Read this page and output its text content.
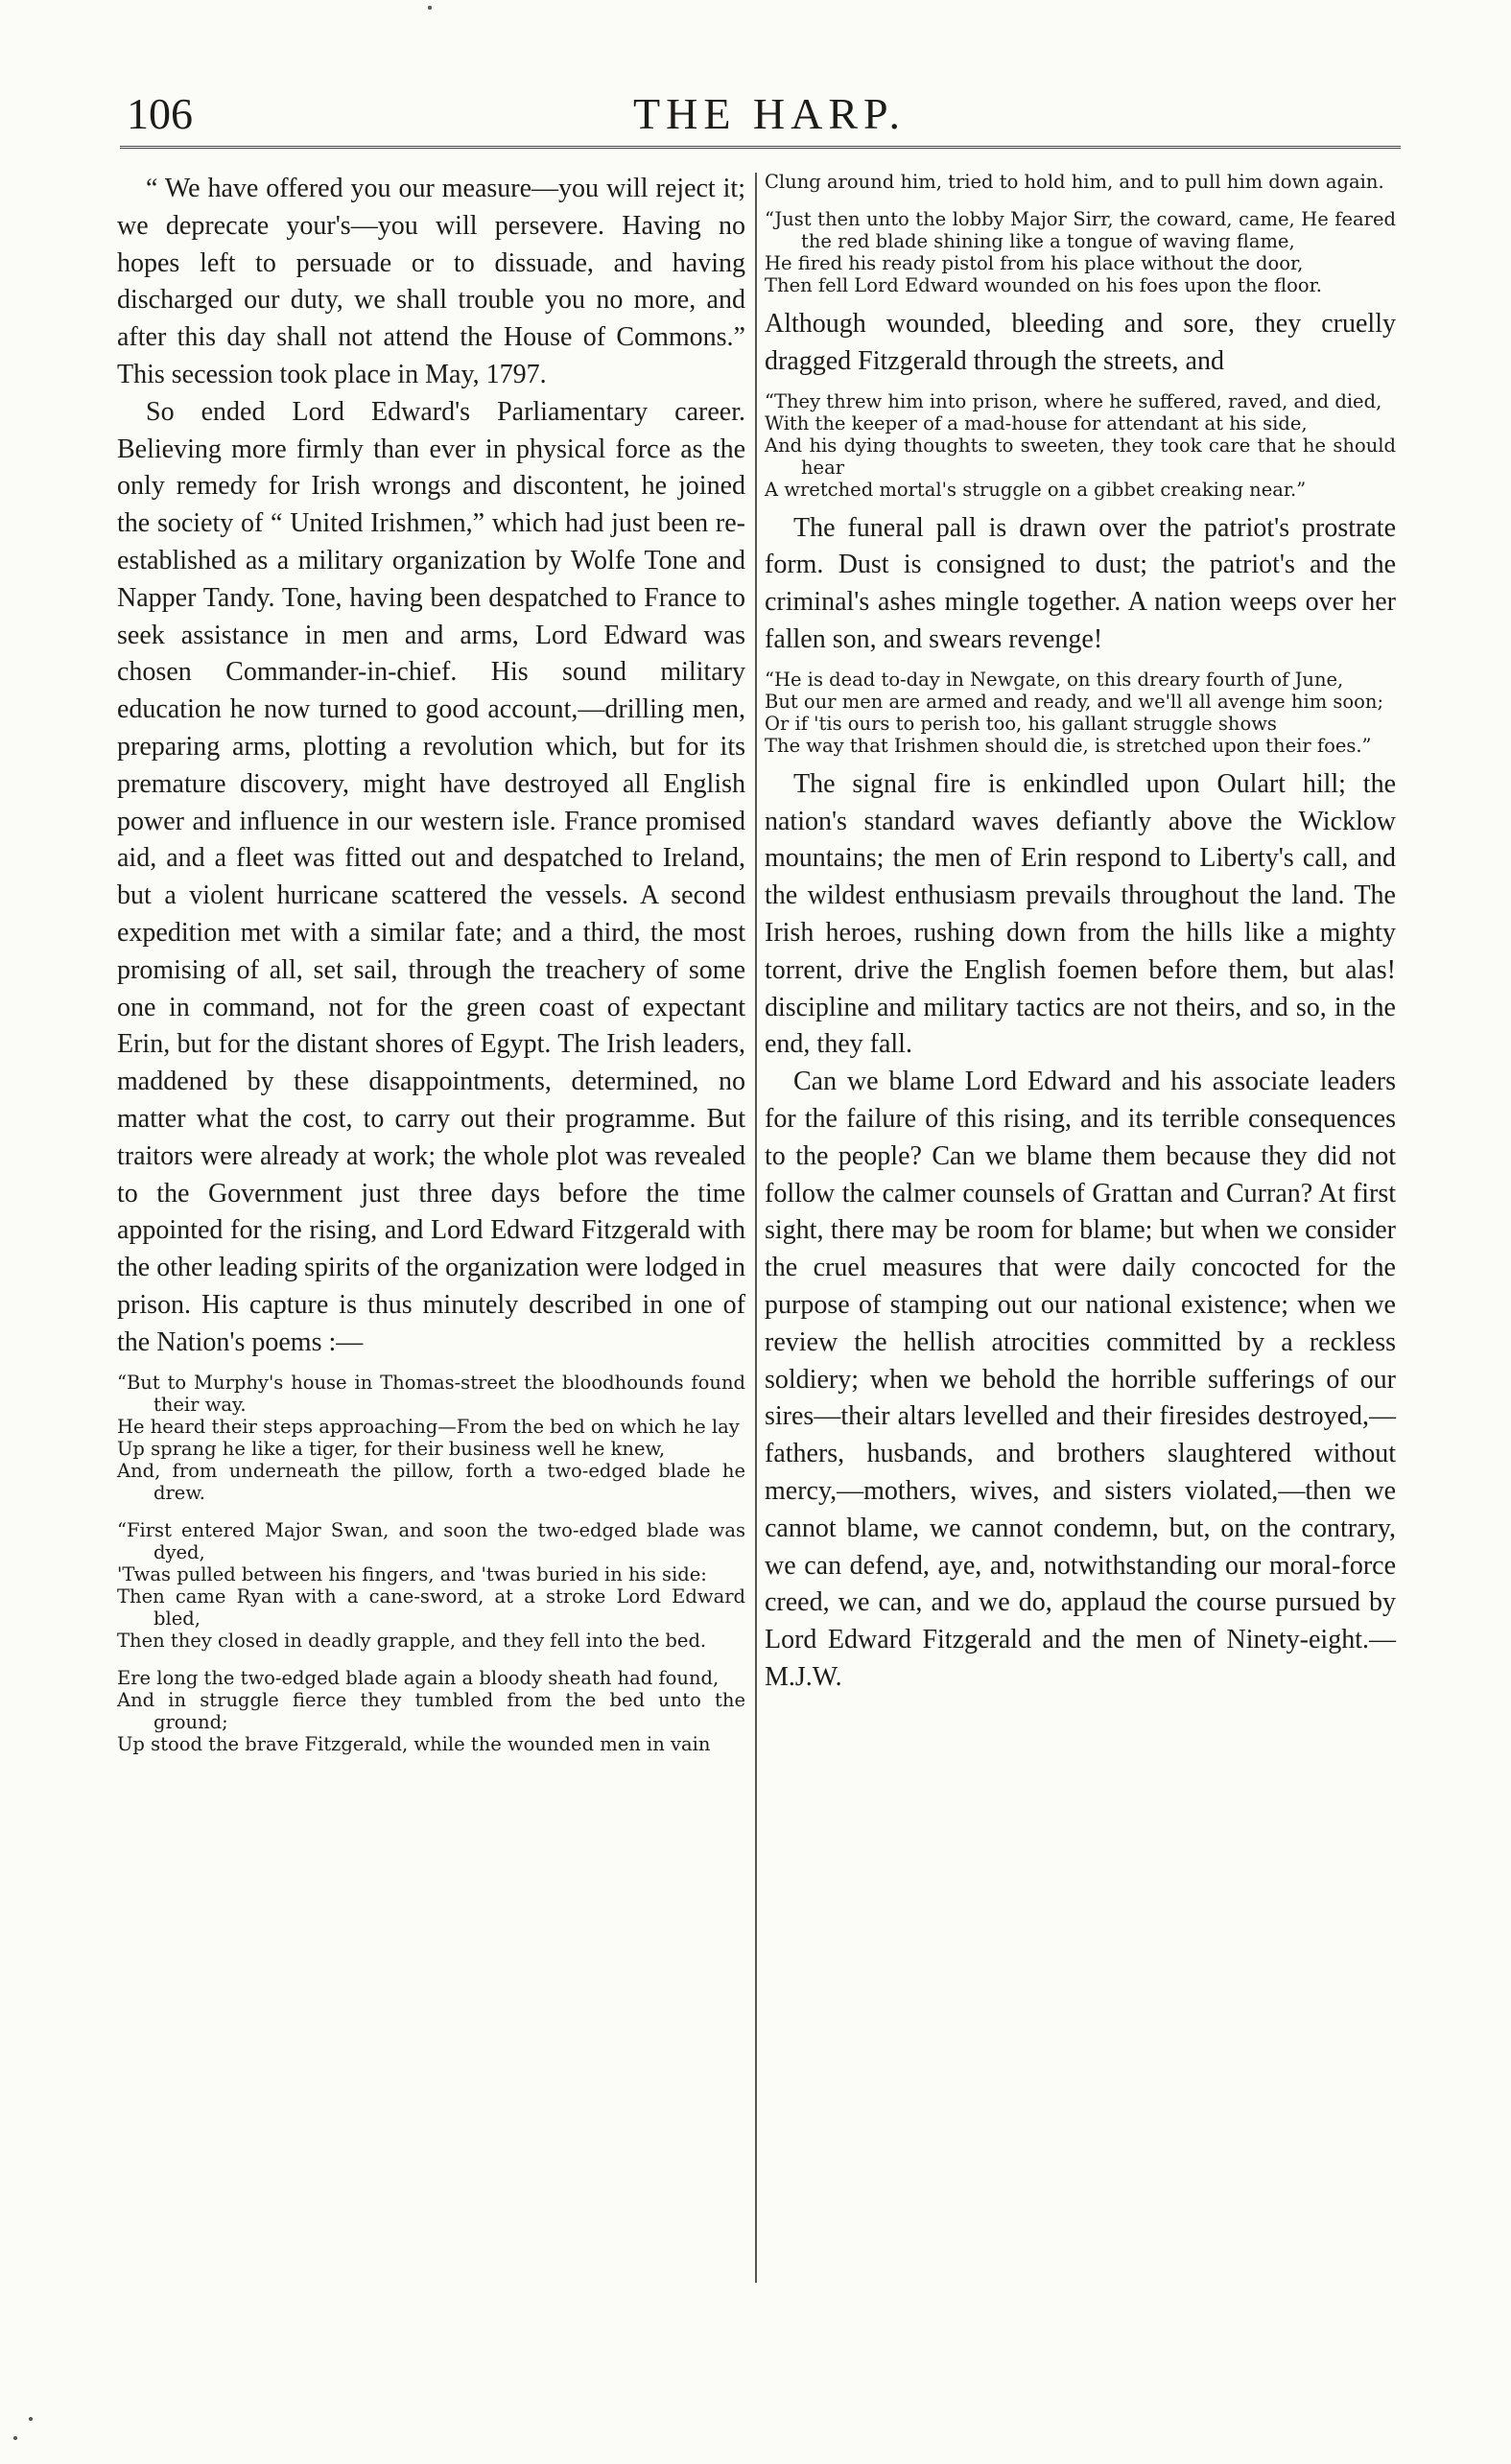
106	THE HARP.

“ We have offered you our measure—you will reject it; we deprecate your's—you will persevere. Having no hopes left to persuade or to dissuade, and having discharged our duty, we shall trouble you no more, and after this day shall not attend the House of Commons.” This secession took place in May, 1797.

So ended Lord Edward's Parliamentary career. Believing more firmly than ever in physical force as the only remedy for Irish wrongs and discontent, he joined the society of “ United Irishmen,” which had just been re-established as a military organization by Wolfe Tone and Napper Tandy. Tone, having been despatched to France to seek assistance in men and arms, Lord Edward was chosen Commander-in-chief. His sound military education he now turned to good account,—drilling men, preparing arms, plotting a revolution which, but for its premature discovery, might have destroyed all English power and influence in our western isle. France promised aid, and a fleet was fitted out and despatched to Ireland, but a violent hurricane scattered the vessels. A second expedition met with a similar fate; and a third, the most promising of all, set sail, through the treachery of some one in command, not for the green coast of expectant Erin, but for the distant shores of Egypt. The Irish leaders, maddened by these disappointments, determined, no matter what the cost, to carry out their programme. But traitors were already at work; the whole plot was revealed to the Government just three days before the time appointed for the rising, and Lord Edward Fitzgerald with the other leading spirits of the organization were lodged in prison. His capture is thus minutely described in one of the Nation's poems :—

“But to Murphy's house in Thomas-street the bloodhounds found their way.

He heard their steps approaching—From the bed on which he lay

Up sprang he like a tiger, for their business well he knew,

And, from underneath the pillow, forth a two-edged blade he drew.

“First entered Major Swan, and soon the two-edged blade was dyed,

'Twas pulled between his fingers, and 'twas buried in his side:

Then came Ryan with a cane-sword, at a stroke Lord Edward bled,

Then they closed in deadly grapple, and they fell into the bed.

Ere long the two-edged blade again a bloody sheath had found,

And in struggle fierce they tumbled from the bed unto the ground;

Up stood the brave Fitzgerald, while the wounded men in vain

Clung around him, tried to hold him, and to pull him down again.

“Just then unto the lobby Major Sirr, the coward, came, He feared the red blade shining like a tongue of waving flame,

He fired his ready pistol from his place without the door,

Then fell Lord Edward wounded on his foes upon the floor.

Although wounded, bleeding and sore, they cruelly dragged Fitzgerald through the streets, and

“They threw him into prison, where he suffered, raved, and died,

With the keeper of a mad-house for attendant at his side,

And his dying thoughts to sweeten, they took care that he should hear

A wretched mortal's struggle on a gibbet creaking near.”

The funeral pall is drawn over the patriot's prostrate form. Dust is consigned to dust; the patriot's and the criminal's ashes mingle together. A nation weeps over her fallen son, and swears revenge!

“He is dead to-day in Newgate, on this dreary fourth of June,

But our men are armed and ready, and we'll all avenge him soon;

Or if 'tis ours to perish too, his gallant struggle shows

The way that Irishmen should die, is stretched upon their foes.”

The signal fire is enkindled upon Oulart hill; the nation's standard waves defiantly above the Wicklow mountains; the men of Erin respond to Liberty's call, and the wildest enthusiasm prevails throughout the land. The Irish heroes, rushing down from the hills like a mighty torrent, drive the English foemen before them, but alas! discipline and military tactics are not theirs, and so, in the end, they fall.

Can we blame Lord Edward and his associate leaders for the failure of this rising, and its terrible consequences to the people? Can we blame them because they did not follow the calmer counsels of Grattan and Curran? At first sight, there may be room for blame; but when we consider the cruel measures that were daily concocted for the purpose of stamping out our national existence; when we review the hellish atrocities committed by a reckless soldiery; when we behold the horrible sufferings of our sires—their altars levelled and their firesides destroyed,—fathers, husbands, and brothers slaughtered without mercy,—mothers, wives, and sisters violated,—then we cannot blame, we cannot condemn, but, on the contrary, we can defend, aye, and, notwithstanding our moral-force creed, we can, and we do, applaud the course pursued by Lord Edward Fitzgerald and the men of Ninety-eight.—M.J.W.
